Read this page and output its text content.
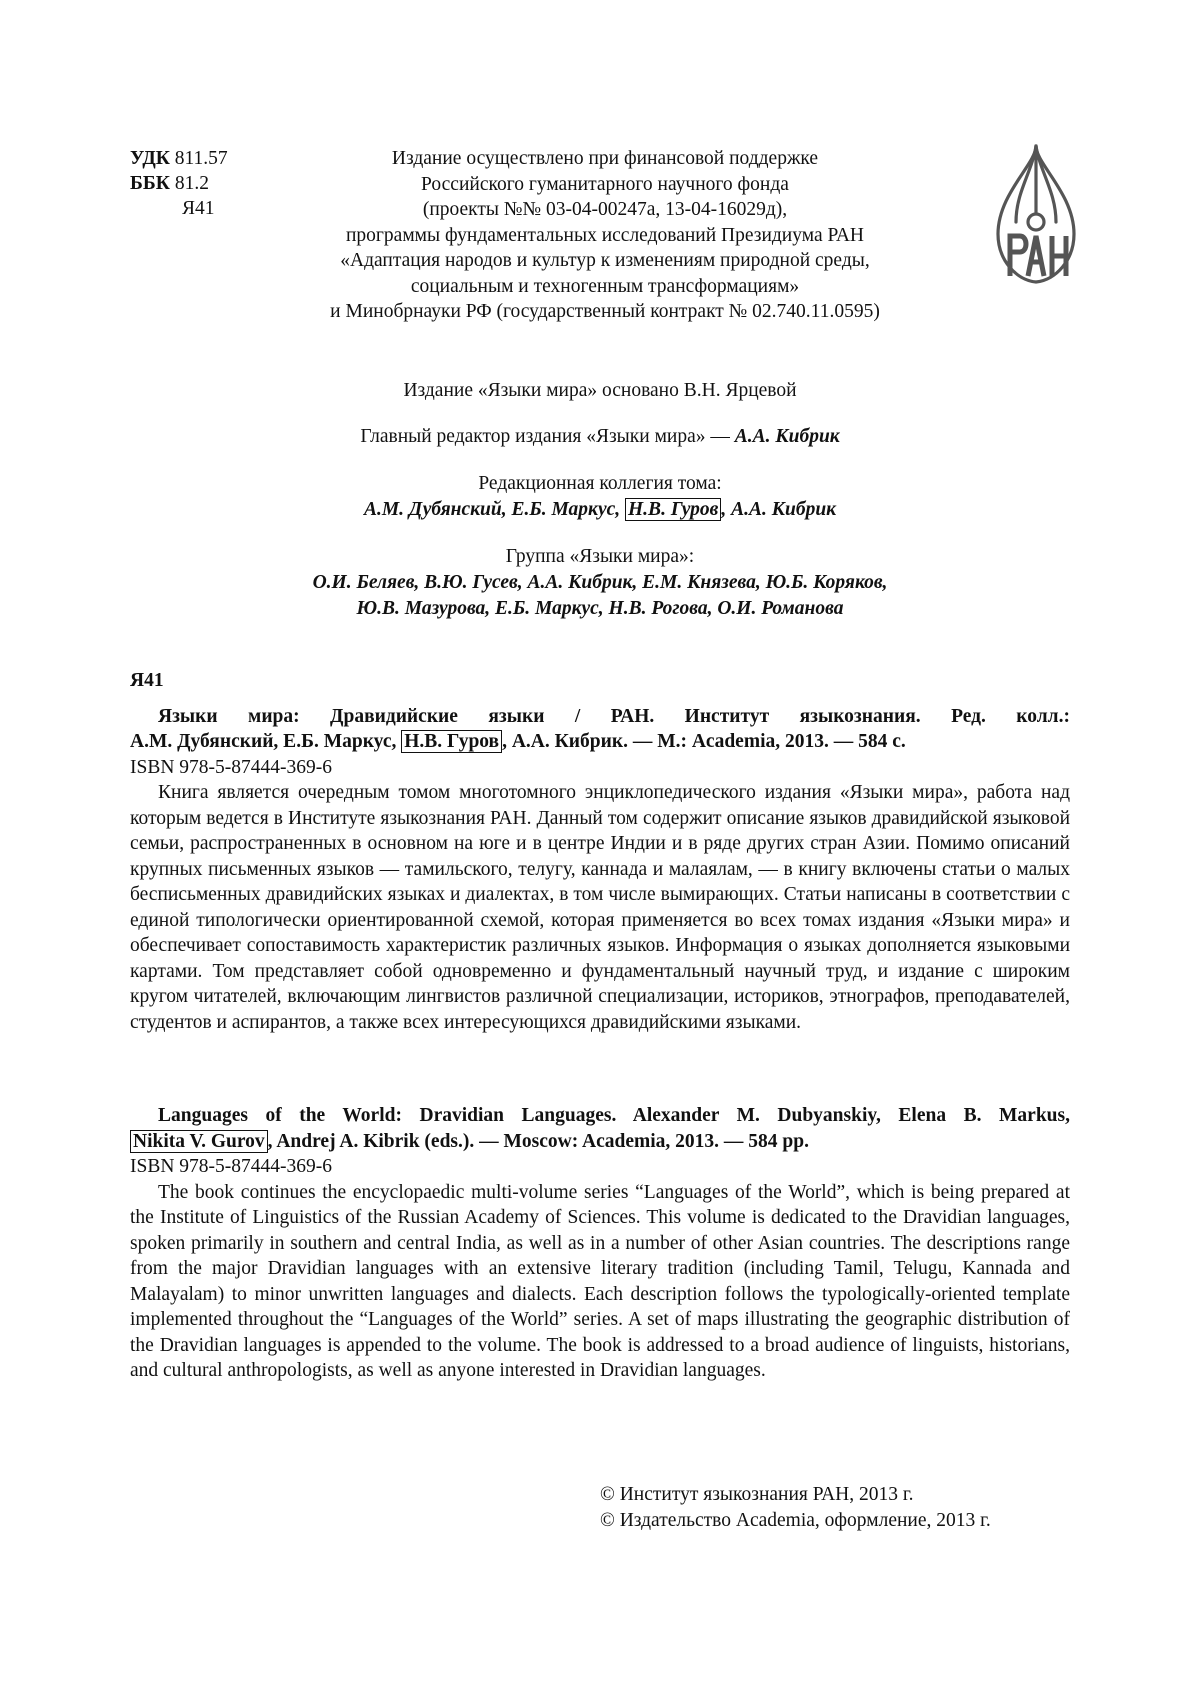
УДК 811.57
ББК 81.2
Я41
Издание осуществлено при финансовой поддержке
Российского гуманитарного научного фонда
(проекты №№ 03-04-00247а, 13-04-16029д),
программы фундаментальных исследований Президиума РАН
«Адаптация народов и культур к изменениям природной среды,
социальным и техногенным трансформациям»
и Минобрнауки РФ (государственный контракт № 02.740.11.0595)
Издание «Языки мира» основано В.Н. Ярцевой
Главный редактор издания «Языки мира» — А.А. Кибрик
Редакционная коллегия тома:
А.М. Дубянский, Е.Б. Маркус, Н.В. Гуров , А.А. Кибрик
Группа «Языки мира»:
О.И. Беляев, В.Ю. Гусев, А.А. Кибрик, Е.М. Князева, Ю.Б. Коряков,
Ю.В. Мазурова, Е.Б. Маркус, Н.В. Рогова, О.И. Романова
Я41
Языки мира: Дравидийские языки / РАН. Институт языкознания. Ред. колл.:
А.М. Дубянский, Е.Б. Маркус, Н.В. Гуров , А.А. Кибрик. — М.: Academia, 2013. — 584 с.
ISBN 978-5-87444-369-6
Книга является очередным томом многотомного энциклопедического издания «Языки мира», работа над которым ведется в Институте языкознания РАН. Данный том содержит описание языков дравидийской языковой семьи, распространенных в основном на юге и в центре Индии и в ряде других стран Азии. Помимо описаний крупных письменных языков — тамильского, телугу, каннада и малаялам, — в книгу включены статьи о малых бесписьменных дравидийских языках и диалектах, в том числе вымирающих. Статьи написаны в соответствии с единой типологически ориентированной схемой, которая применяется во всех томах издания «Языки мира» и обеспечивает сопоставимость характеристик различных языков. Информация о языках дополняется языковыми картами. Том представляет собой одновременно и фундаментальный научный труд, и издание с широким кругом читателей, включающим лингвистов различной специализации, историков, этнографов, преподавателей, студентов и аспирантов, а также всех интересующихся дравидийскими языками.
Languages of the World: Dravidian Languages. Alexander M. Dubyanskiy, Elena B. Markus,
Nikita V. Gurov , Andrej A. Kibrik (eds.). — Moscow: Academia, 2013. — 584 pp.
ISBN 978-5-87444-369-6
The book continues the encyclopaedic multi-volume series “Languages of the World”, which is being prepared at the Institute of Linguistics of the Russian Academy of Sciences. This volume is dedicated to the Dravidian languages, spoken primarily in southern and central India, as well as in a number of other Asian countries. The descriptions range from the major Dravidian languages with an extensive literary tradition (including Tamil, Telugu, Kannada and Malayalam) to minor unwritten languages and dialects. Each description follows the typologically-oriented template implemented throughout the “Languages of the World” series. A set of maps illustrating the geographic distribution of the Dravidian languages is appended to the volume. The book is addressed to a broad audience of linguists, historians, and cultural anthropologists, as well as anyone interested in Dravidian languages.
© Институт языкознания РАН, 2013 г.
© Издательство Academia, оформление, 2013 г.
